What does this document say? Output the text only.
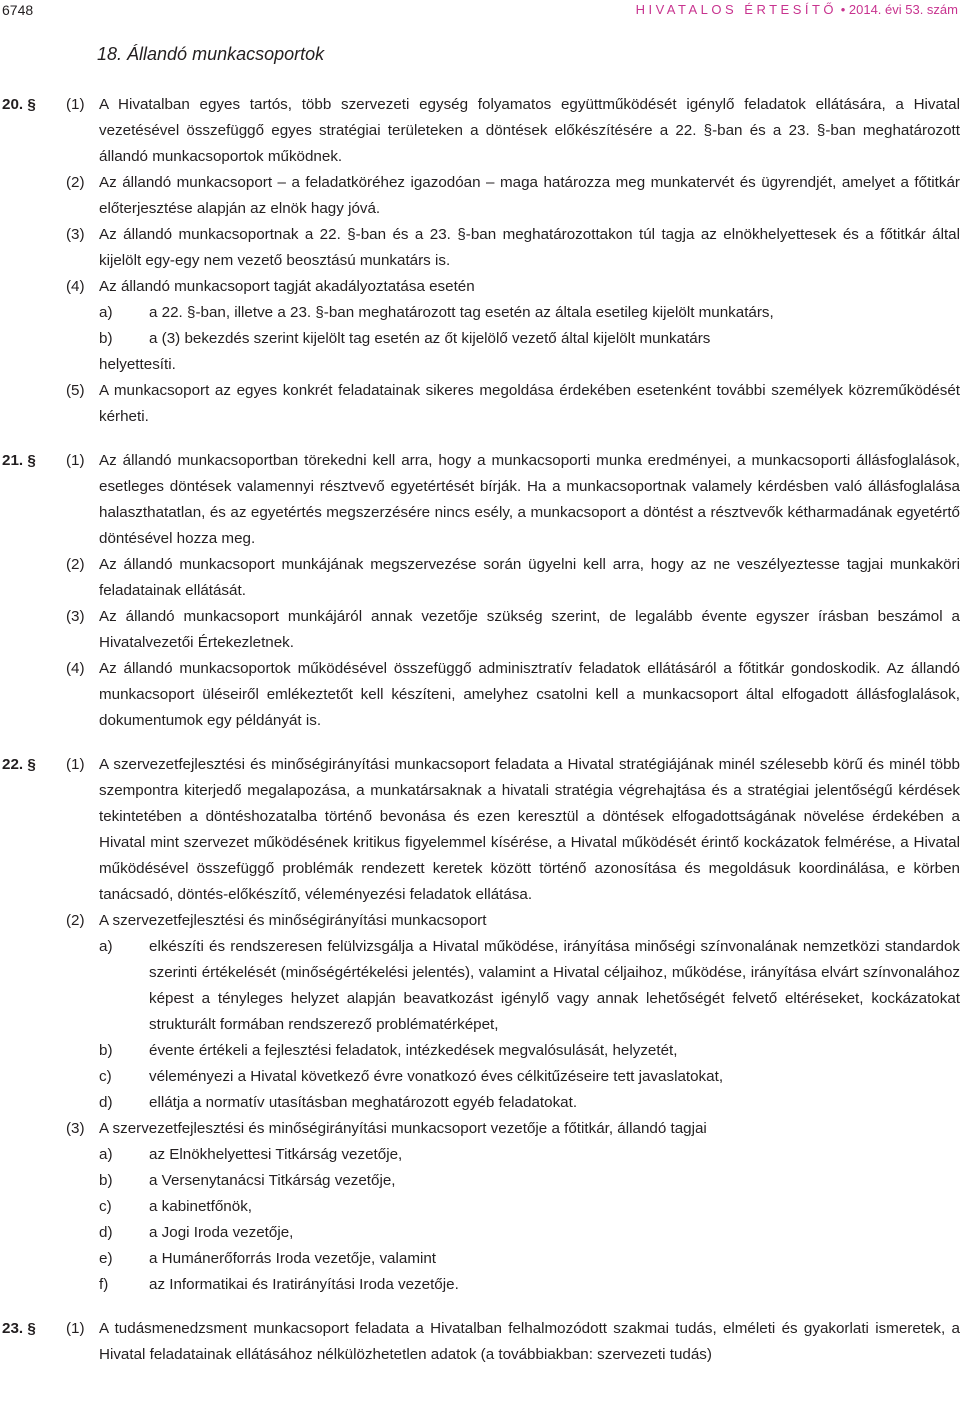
6748	HIVATALOS ÉRTESÍTŐ • 2014. évi 53. szám
18. Állandó munkacsoportok
20. §	(1) A Hivatalban egyes tartós, több szervezeti egység folyamatos együttműködését igénylő feladatok ellátására, a Hivatal vezetésével összefüggő egyes stratégiai területeken a döntések előkészítésére a 22. §-ban és a 23. §-ban meghatározott állandó munkacsoportok működnek.
(2) Az állandó munkacsoport – a feladatköréhez igazodóan – maga határozza meg munkatervét és ügyrendjét, amelyet a főtitkár előterjesztése alapján az elnök hagy jóvá.
(3) Az állandó munkacsoportnak a 22. §-ban és a 23. §-ban meghatározottakon túl tagja az elnökhelyettesek és a főtitkár által kijelölt egy-egy nem vezető beosztású munkatárs is.
(4) Az állandó munkacsoport tagját akadályoztatása esetén
a)	a 22. §-ban, illetve a 23. §-ban meghatározott tag esetén az általa esetileg kijelölt munkatárs,
b)	a (3) bekezdés szerint kijelölt tag esetén az őt kijelölő vezető által kijelölt munkatárs
helyettesíti.
(5) A munkacsoport az egyes konkrét feladatainak sikeres megoldása érdekében esetenként további személyek közreműködését kérheti.
21. §	(1) Az állandó munkacsoportban törekedni kell arra, hogy a munkacsoporti munka eredményei, a munkacsoporti állásfoglalások, esetleges döntések valamennyi résztvevő egyetértését bírják. Ha a munkacsoportnak valamely kérdésben való állásfoglalása halaszthatatlan, és az egyetértés megszerzésére nincs esély, a munkacsoport a döntést a résztvevők kétharmadának egyetértő döntésével hozza meg.
(2) Az állandó munkacsoport munkájának megszervezése során ügyelni kell arra, hogy az ne veszélyeztesse tagjai munkaköri feladatainak ellátását.
(3) Az állandó munkacsoport munkájáról annak vezetője szükség szerint, de legalább évente egyszer írásban beszámol a Hivatalvezetői Értekezletnek.
(4) Az állandó munkacsoportok működésével összefüggő adminisztratív feladatok ellátásáról a főtitkár gondoskodik. Az állandó munkacsoport üléseiről emlékeztetőt kell készíteni, amelyhez csatolni kell a munkacsoport által elfogadott állásfoglalások, dokumentumok egy példányát is.
22. §	(1) A szervezetfejlesztési és minőségirányítási munkacsoport feladata a Hivatal stratégiájának minél szélesebb körű és minél több szempontra kiterjedő megalapozása, a munkatársaknak a hivatali stratégia végrehajtása és a stratégiai jelentőségű kérdések tekintetében a döntéshozatalba történő bevonása és ezen keresztül a döntések elfogadottságának növelése érdekében a Hivatal mint szervezet működésének kritikus figyelemmel kísérése, a Hivatal működését érintő kockázatok felmérése, a Hivatal működésével összefüggő problémák rendezett keretek között történő azonosítása és megoldásuk koordinálása, e körben tanácsadó, döntés-előkészítő, véleményezési feladatok ellátása.
(2) A szervezetfejlesztési és minőségirányítási munkacsoport
a)	elkészíti és rendszeresen felülvizsgálja a Hivatal működése, irányítása minőségi színvonalának nemzetközi standardok szerinti értékelését (minőségértékelési jelentés), valamint a Hivatal céljaihoz, működése, irányítása elvárt színvonalához képest a tényleges helyzet alapján beavatkozást igénylő vagy annak lehetőségét felvető eltéréseket, kockázatokat strukturált formában rendszerező problématérképet,
b)	évente értékeli a fejlesztési feladatok, intézkedések megvalósulását, helyzetét,
c)	véleményezi a Hivatal következő évre vonatkozó éves célkitűzéseire tett javaslatokat,
d)	ellátja a normatív utasításban meghatározott egyéb feladatokat.
(3) A szervezetfejlesztési és minőségirányítási munkacsoport vezetője a főtitkár, állandó tagjai
a)	az Elnökhelyettesi Titkárság vezetője,
b)	a Versenytanácsi Titkárság vezetője,
c)	a kabinetfőnök,
d)	a Jogi Iroda vezetője,
e)	a Humánerőforrás Iroda vezetője, valamint
f)	az Informatikai és Iratirányítási Iroda vezetője.
23. §	(1) A tudásmenedzsment munkacsoport feladata a Hivatalban felhalmozódott szakmai tudás, elméleti és gyakorlati ismeretek, a Hivatal feladatainak ellátásához nélkülözhetetlen adatok (a továbbiakban: szervezeti tudás)
